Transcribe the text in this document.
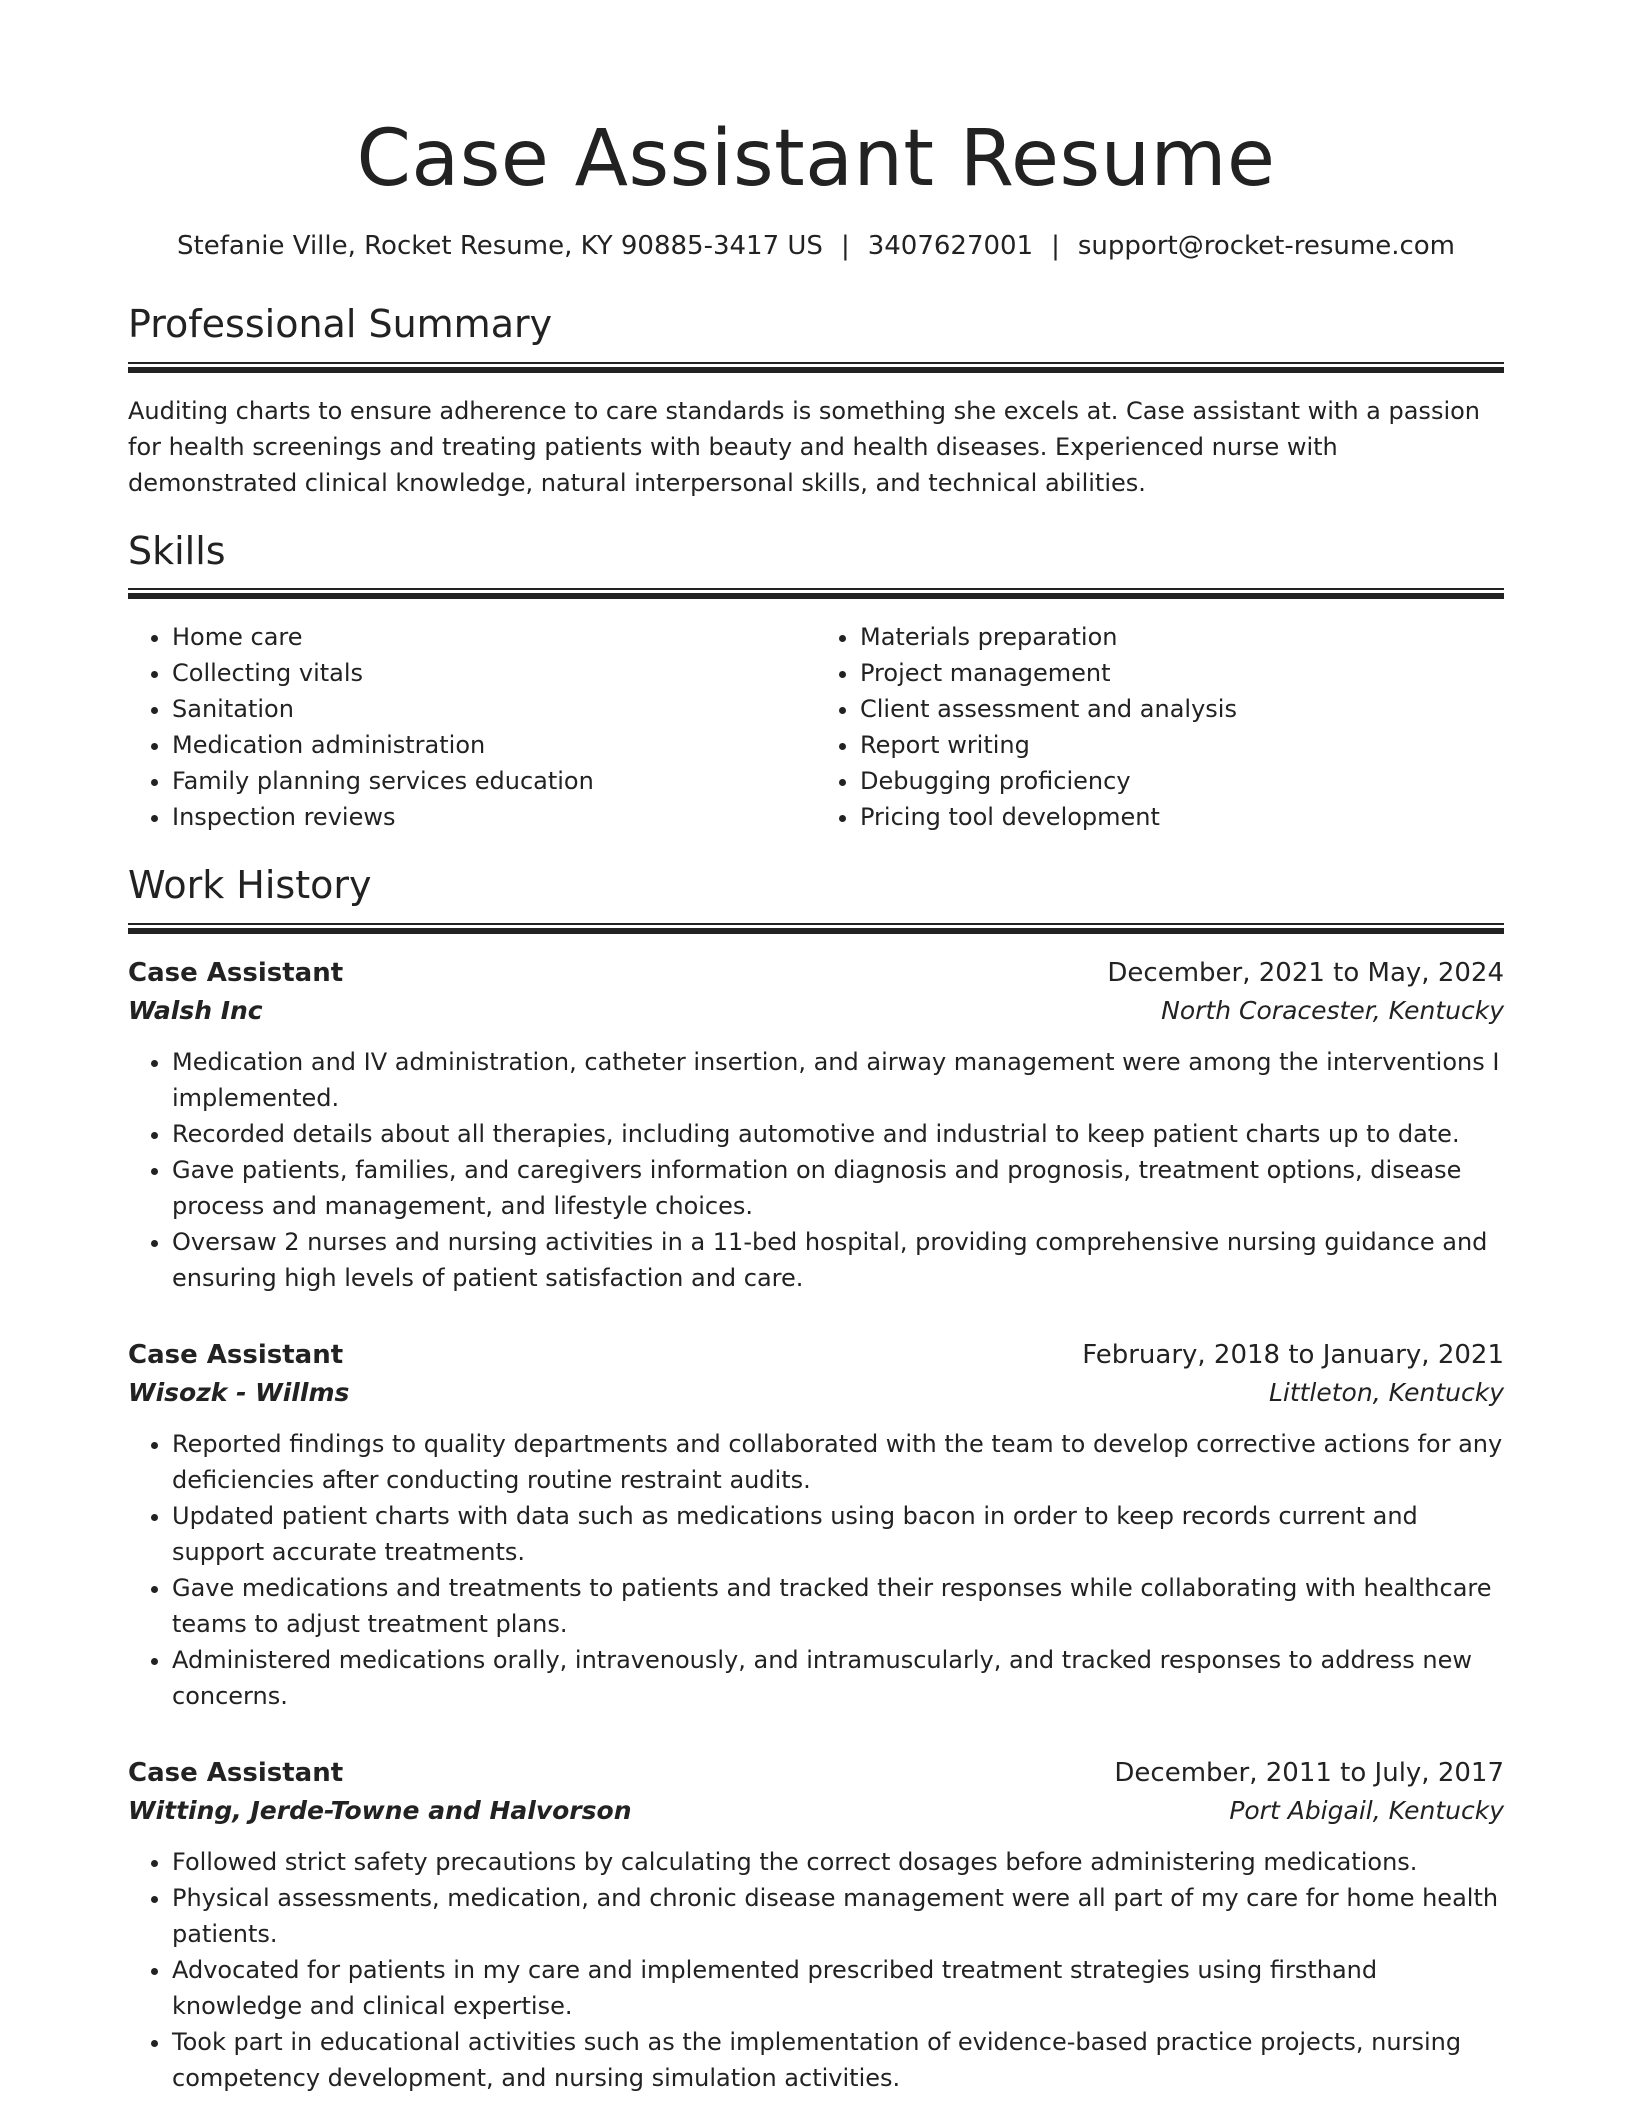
Case Assistant Resume
Stefanie Ville, Rocket Resume, KY 90885-3417 US | 3407627001 | support@rocket-resume.com
Professional Summary

Auditing charts to ensure adherence to care standards is something she excels at. Case assistant with a passion for health screenings and treating patients with beauty and health diseases. Experienced nurse with demonstrated clinical knowledge, natural interpersonal skills, and technical abilities.

Skills
• Home care
• Collecting vitals
• Sanitation
• Medication administration
• Family planning services education
• Inspection reviews
• Materials preparation
• Project management
• Client assessment and analysis
• Report writing
• Debugging proficiency
• Pricing tool development
Work History
Case Assistant	December, 2021 to May, 2024
Walsh Inc	North Coracester, Kentucky
• Medication and IV administration, catheter insertion, and airway management were among the interventions I implemented.
• Recorded details about all therapies, including automotive and industrial to keep patient charts up to date.
• Gave patients, families, and caregivers information on diagnosis and prognosis, treatment options, disease process and management, and lifestyle choices.
• Oversaw 2 nurses and nursing activities in a 11-bed hospital, providing comprehensive nursing guidance and ensuring high levels of patient satisfaction and care.
Case Assistant	February, 2018 to January, 2021
Wisozk - Willms	Littleton, Kentucky
• Reported findings to quality departments and collaborated with the team to develop corrective actions for any deficiencies after conducting routine restraint audits.
• Updated patient charts with data such as medications using bacon in order to keep records current and support accurate treatments.
• Gave medications and treatments to patients and tracked their responses while collaborating with healthcare teams to adjust treatment plans.
• Administered medications orally, intravenously, and intramuscularly, and tracked responses to address new concerns.
Case Assistant	December, 2011 to July, 2017
Witting, Jerde-Towne and Halvorson	Port Abigail, Kentucky
• Followed strict safety precautions by calculating the correct dosages before administering medications.
• Physical assessments, medication, and chronic disease management were all part of my care for home health patients.
• Advocated for patients in my care and implemented prescribed treatment strategies using firsthand knowledge and clinical expertise.
• Took part in educational activities such as the implementation of evidence-based practice projects, nursing competency development, and nursing simulation activities.
